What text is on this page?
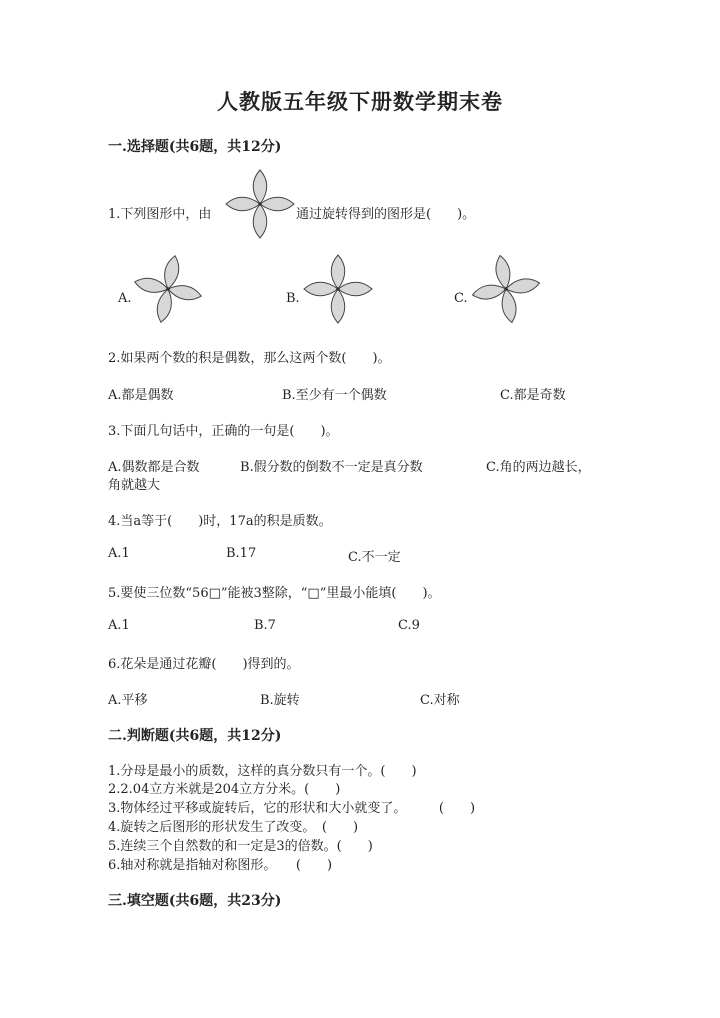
人教版五年级下册数学期末卷
一.选择题(共6题，共12分)
1.下列图形中，由	通过旋转得到的图形是(　　)。
A.	B.	C.
2.如果两个数的积是偶数，那么这两个数(　　)。
A.都是偶数	B.至少有一个偶数	C.都是奇数
3.下面几句话中，正确的一句是(　　)。
A.偶数都是合数	B.假分数的倒数不一定是真分数	C.角的两边越长，
角就越大
4.当a等于(　　)时，17a的积是质数。
A.1	B.17	C.不一定
5.要使三位数“56□”能被3整除，“□”里最小能填(　　)。
A.1	B.7	C.9
6.花朵是通过花瓣(　　)得到的。
A.平移	B.旋转	C.对称
二.判断题(共6题，共12分)
1.分母是最小的质数，这样的真分数只有一个。(　　)
2.2.04立方米就是204立方分米。(　　)
3.物体经过平移或旋转后，它的形状和大小就变了。　　　(　　)
4.旋转之后图形的形状发生了改变。　(　　)
5.连续三个自然数的和一定是3的倍数。(　　)
6.轴对称就是指轴对称图形。　　(　　)
三.填空题(共6题，共23分)
